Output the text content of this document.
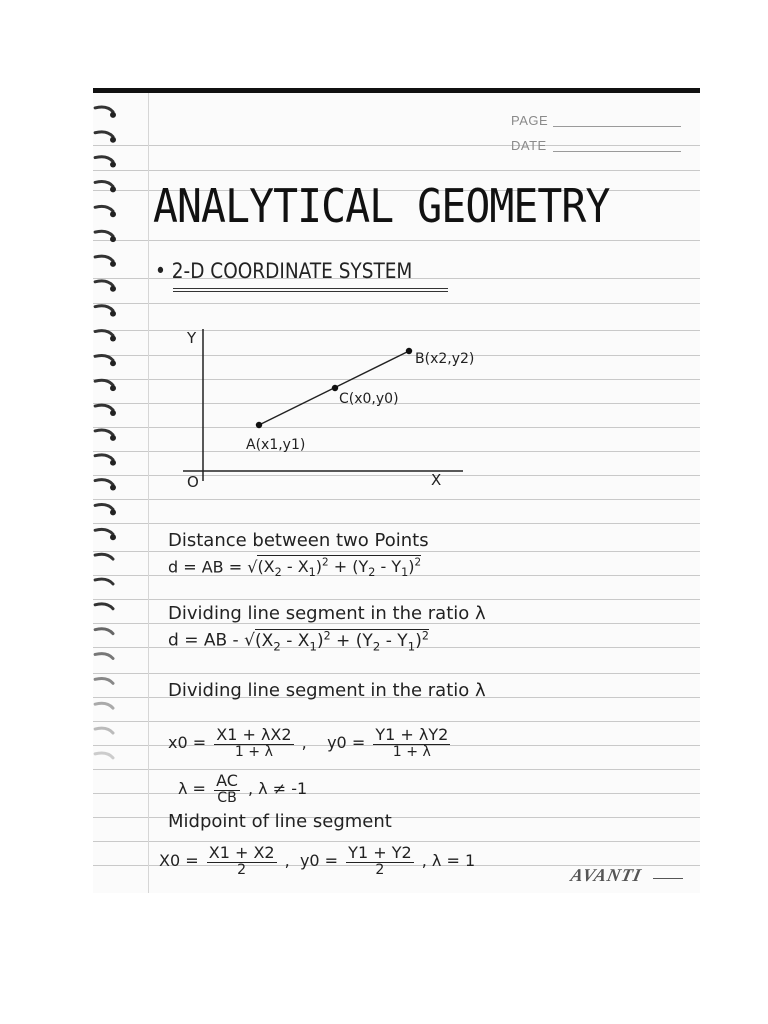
PAGE
DATE
ANALYTICAL GEOMETRY
• 2-D COORDINATE SYSTEM
Y
X
O
A(x1,y1)
C(x0,y0)
B(x2,y2)
Distance between two Points
d = AB = $√(X_2 - X_1)^2 + (Y_2 - Y_1)^2$
Dividing line segment in the ratio λ
d = AB - $√(X_2 - X_1)^2 + (Y_2 - Y_1)^2$
Dividing line segment in the ratio λ
$x0 = \frac{X1 + \lambda X2}{1 + \lambda}$ ,    $y0 = \frac{Y1 + \lambda Y2}{1 + \lambda}$
$\lambda = \frac{AC}{CB}$ , λ ≠ -1
Midpoint of line segment
$X0 = \frac{X1 + X2}{2}$ ,  $y0 = \frac{Y1 + Y2}{2}$ , λ = 1
AVANTI
